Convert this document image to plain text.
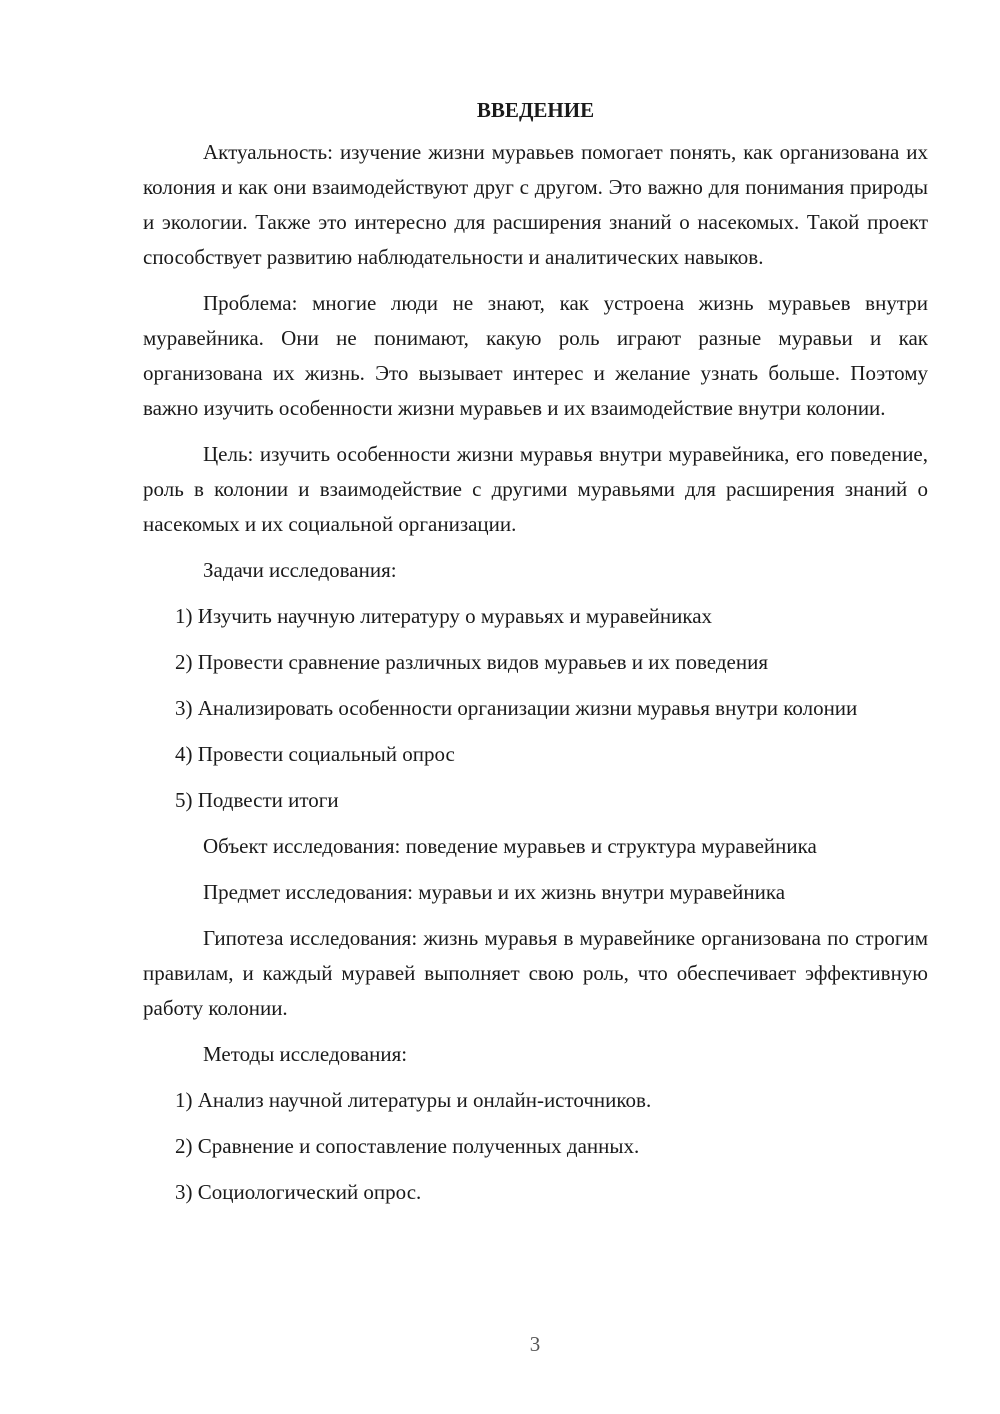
ВВЕДЕНИЕ

Актуальность: изучение жизни муравьев помогает понять, как организована их колония и как они взаимодействуют друг с другом. Это важно для понимания природы и экологии. Также это интересно для расширения знаний о насекомых. Такой проект способствует развитию наблюдательности и аналитических навыков.

Проблема: многие люди не знают, как устроена жизнь муравьев внутри муравейника. Они не понимают, какую роль играют разные муравьи и как организована их жизнь. Это вызывает интерес и желание узнать больше. Поэтому важно изучить особенности жизни муравьев и их взаимодействие внутри колонии.

Цель: изучить особенности жизни муравья внутри муравейника, его поведение, роль в колонии и взаимодействие с другими муравьями для расширения знаний о насекомых и их социальной организации.

Задачи исследования:

1) Изучить научную литературу о муравьях и муравейниках

2) Провести сравнение различных видов муравьев и их поведения

3) Анализировать особенности организации жизни муравья внутри колонии

4) Провести социальный опрос

5) Подвести итоги

Объект исследования: поведение муравьев и структура муравейника

Предмет исследования: муравьи и их жизнь внутри муравейника

Гипотеза исследования: жизнь муравья в муравейнике организована по строгим правилам, и каждый муравей выполняет свою роль, что обеспечивает эффективную работу колонии.

Методы исследования:

1) Анализ научной литературы и онлайн-источников.

2) Сравнение и сопоставление полученных данных.

3) Социологический опрос.

3
